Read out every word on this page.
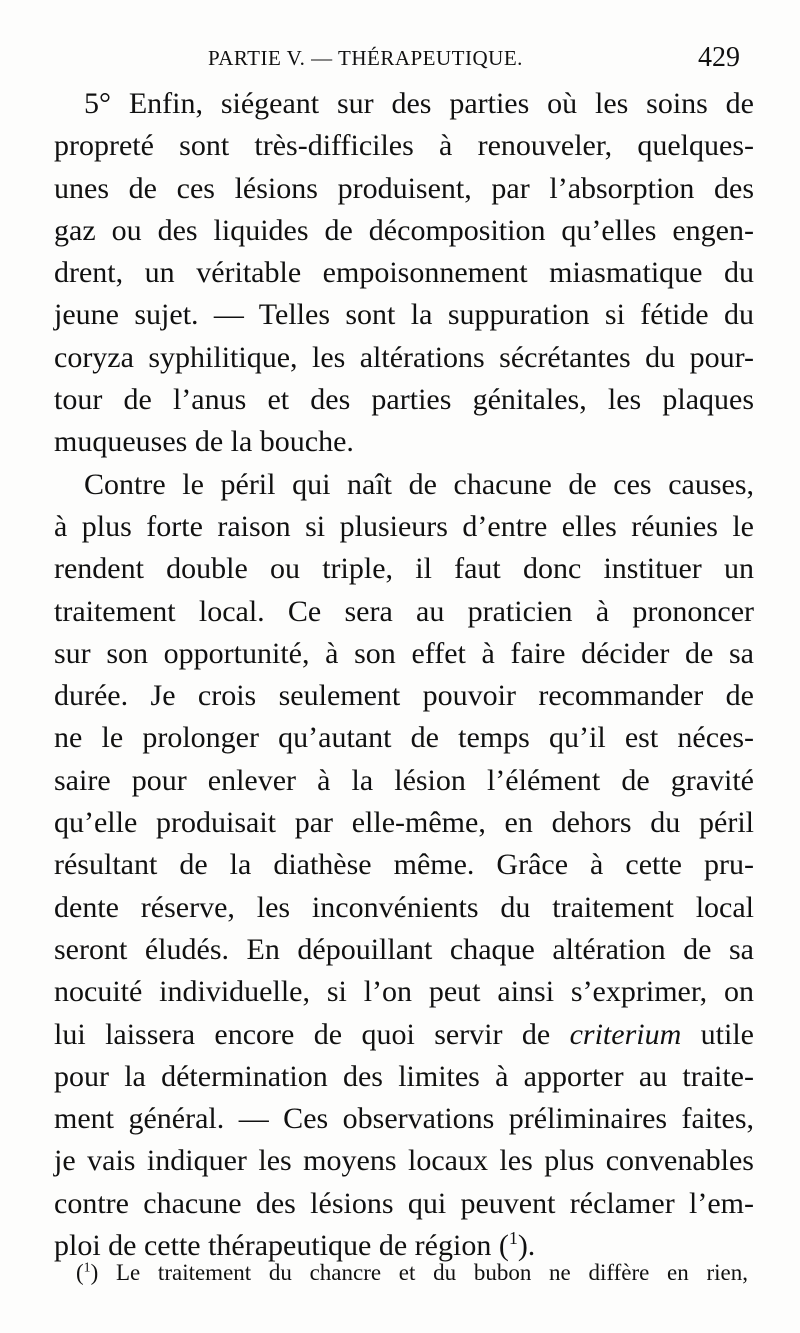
PARTIE V. — THÉRAPEUTIQUE.	429
5° Enfin, siégeant sur des parties où les soins de
propreté sont très-difficiles à renouveler, quelques-
unes de ces lésions produisent, par l’absorption des
gaz ou des liquides de décomposition qu’elles engen-
drent, un véritable empoisonnement miasmatique du
jeune sujet. — Telles sont la suppuration si fétide du
coryza syphilitique, les altérations sécrétantes du pour-
tour de l’anus et des parties génitales, les plaques
muqueuses de la bouche.
Contre le péril qui naît de chacune de ces causes,
à plus forte raison si plusieurs d’entre elles réunies le
rendent double ou triple, il faut donc instituer un
traitement local. Ce sera au praticien à prononcer
sur son opportunité, à son effet à faire décider de sa
durée. Je crois seulement pouvoir recommander de
ne le prolonger qu’autant de temps qu’il est néces-
saire pour enlever à la lésion l’élément de gravité
qu’elle produisait par elle-même, en dehors du péril
résultant de la diathèse même. Grâce à cette pru-
dente réserve, les inconvénients du traitement local
seront éludés. En dépouillant chaque altération de sa
nocuité individuelle, si l’on peut ainsi s’exprimer, on
lui laissera encore de quoi servir de criterium utile
pour la détermination des limites à apporter au traite-
ment général. — Ces observations préliminaires faites,
je vais indiquer les moyens locaux les plus convenables
contre chacune des lésions qui peuvent réclamer l’em-
ploi de cette thérapeutique de région ($^1$).
($^1$) Le traitement du chancre et du bubon ne diffère en rien,
